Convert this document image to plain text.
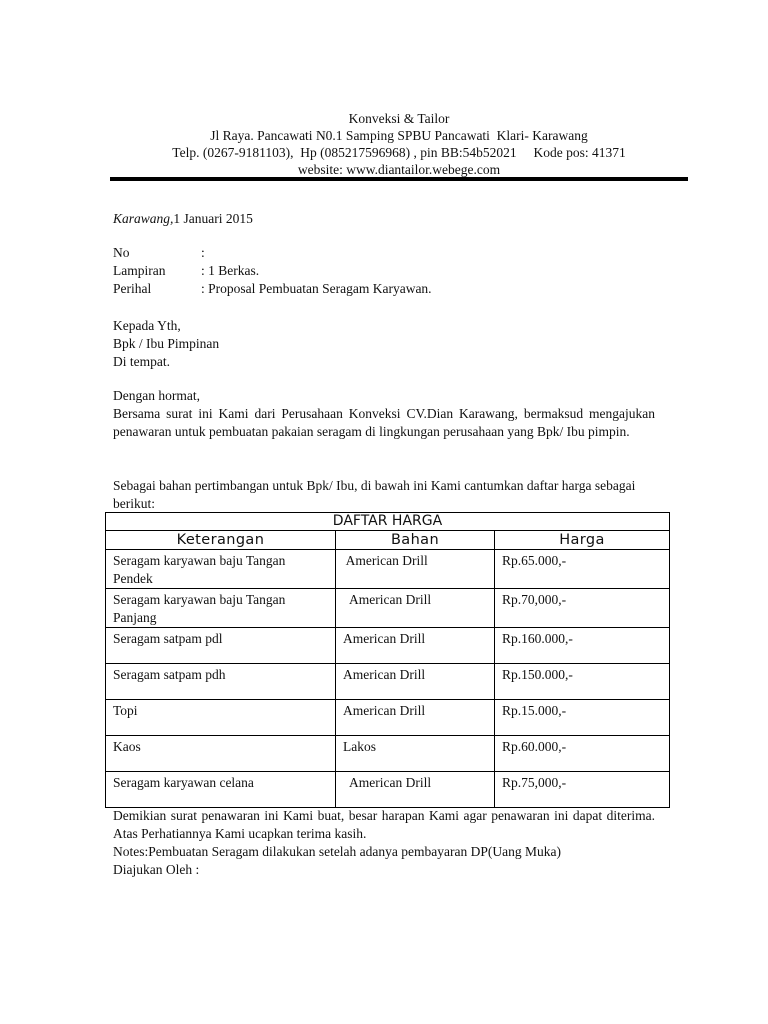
Konveksi & Tailor
Jl Raya. Pancawati N0.1 Samping SPBU Pancawati  Klari- Karawang
Telp. (0267-9181103),  Hp (085217596968) , pin BB:54b52021     Kode pos: 41371
website: www.diantailor.webege.com
Karawang,1 Januari 2015
No	:
Lampiran	: 1 Berkas.
Perihal	: Proposal Pembuatan Seragam Karyawan.
Kepada Yth,
Bpk / Ibu Pimpinan
Di tempat.
Dengan hormat,
Bersama surat ini Kami dari Perusahaan Konveksi CV.Dian Karawang, bermaksud mengajukan penawaran untuk pembuatan pakaian seragam di lingkungan perusahaan yang Bpk/ Ibu pimpin.
Sebagai bahan pertimbangan untuk Bpk/ Ibu, di bawah ini Kami cantumkan daftar harga sebagai berikut:
DAFTAR HARGA		
Keterangan	Bahan	Harga
Seragam karyawan baju Tangan Pendek	American Drill	Rp.65.000,-
Seragam karyawan baju Tangan Panjang	American Drill	Rp.70,000,-
Seragam satpam pdl	American Drill	Rp.160.000,-
Seragam satpam pdh	American Drill	Rp.150.000,-
Topi	American Drill	Rp.15.000,-
Kaos	Lakos	Rp.60.000,-
Seragam karyawan celana	American Drill	Rp.75,000,-
Demikian surat penawaran ini Kami buat, besar harapan Kami agar penawaran ini dapat diterima. Atas Perhatiannya Kami ucapkan terima kasih.
Notes:Pembuatan Seragam dilakukan setelah adanya pembayaran DP(Uang Muka)
Diajukan Oleh :
